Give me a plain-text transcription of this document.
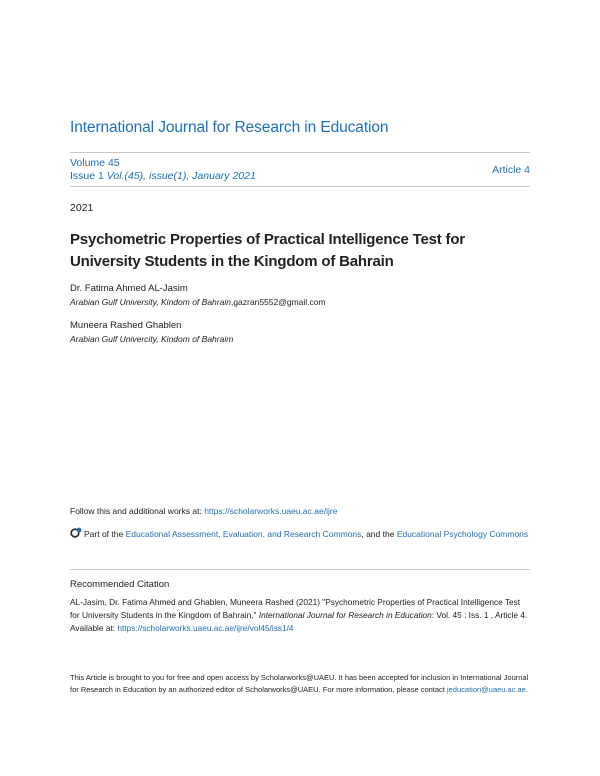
International Journal for Research in Education
Volume 45
Issue 1 Vol.(45), issue(1), January 2021	Article 4
2021
Psychometric Properties of Practical Intelligence Test for University Students in the Kingdom of Bahrain
Dr. Fatima Ahmed AL-Jasim
Arabian Gulf University, Kindom of Bahrain,gazran5552@gmail.com
Muneera Rashed Ghablen
Arabian Gulf Univercity, Kindom of Bahraim
Follow this and additional works at: https://scholarworks.uaeu.ac.ae/ijre
Part of the Educational Assessment, Evaluation, and Research Commons, and the Educational Psychology Commons
Recommended Citation
AL-Jasim, Dr. Fatima Ahmed and Ghablen, Muneera Rashed (2021) "Psychometric Properties of Practical Intelligence Test for University Students in the Kingdom of Bahrain," International Journal for Research in Education: Vol. 45 : Iss. 1 , Article 4.
Available at: https://scholarworks.uaeu.ac.ae/ijre/vol45/iss1/4
This Article is brought to you for free and open access by Scholarworks@UAEU. It has been accepted for inclusion in International Journal for Research in Education by an authorized editor of Scholarworks@UAEU. For more information, please contact jeducation@uaeu.ac.ae.
